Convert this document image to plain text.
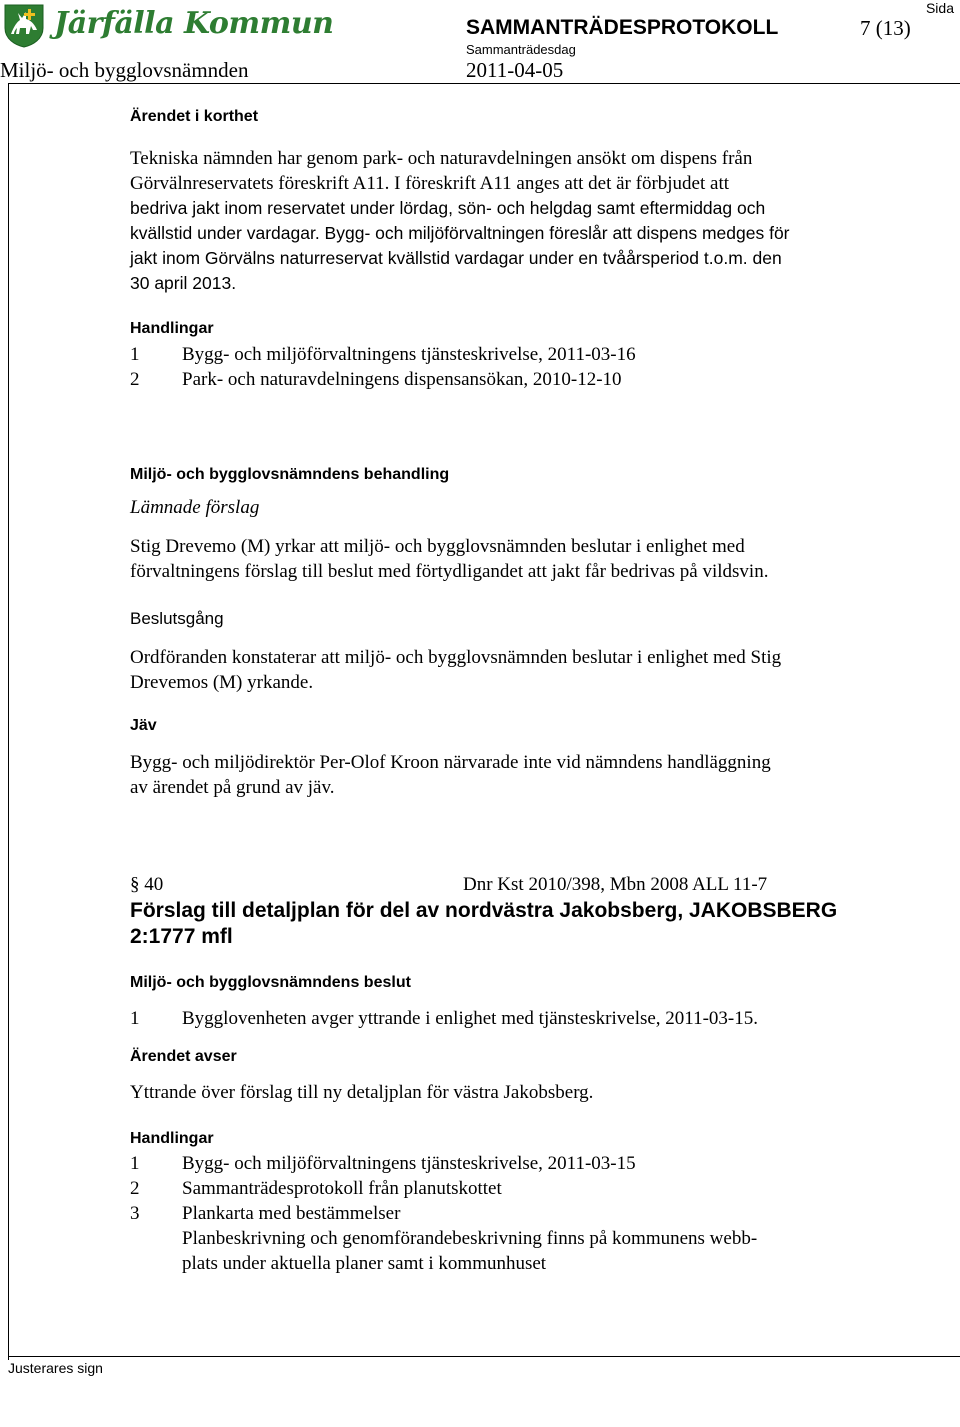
Järfälla Kommun	Sida
SAMMANTRÄDESPROTOKOLL	7 (13)
Sammanträdesdag
Miljö- och bygglovsnämnden	2011-04-05
Ärendet i korthet
Tekniska nämnden har genom park- och naturavdelningen ansökt om dispens från
Görvälnreservatets föreskrift A11. I föreskrift A11 anges att det är förbjudet att
bedriva jakt inom reservatet under lördag, sön- och helgdag samt eftermiddag och
kvällstid under vardagar. Bygg- och miljöförvaltningen föreslår att dispens medges för
jakt inom Görvälns naturreservat kvällstid vardagar under en tvåårsperiod t.o.m. den
30 april 2013.
Handlingar
1 Bygg- och miljöförvaltningens tjänsteskrivelse, 2011-03-16
2 Park- och naturavdelningens dispensansökan, 2010-12-10
Miljö- och bygglovsnämndens behandling
Lämnade förslag
Stig Drevemo (M) yrkar att miljö- och bygglovsnämnden beslutar i enlighet med
förvaltningens förslag till beslut med förtydligandet att jakt får bedrivas på vildsvin.
Beslutsgång
Ordföranden konstaterar att miljö- och bygglovsnämnden beslutar i enlighet med Stig
Drevemos (M) yrkande.
Jäv
Bygg- och miljödirektör Per-Olof Kroon närvarade inte vid nämndens handläggning
av ärendet på grund av jäv.
§ 40	Dnr Kst 2010/398, Mbn 2008 ALL 11-7
Förslag till detaljplan för del av nordvästra Jakobsberg, JAKOBSBERG
2:1777 mfl
Miljö- och bygglovsnämndens beslut
1 Bygglovenheten avger yttrande i enlighet med tjänsteskrivelse, 2011-03-15.
Ärendet avser
Yttrande över förslag till ny detaljplan för västra Jakobsberg.
Handlingar
1 Bygg- och miljöförvaltningens tjänsteskrivelse, 2011-03-15
2 Sammanträdesprotokoll från planutskottet
3 Plankarta med bestämmelser
Planbeskrivning och genomförandebeskrivning finns på kommunens webb-
plats under aktuella planer samt i kommunhuset
Justerares sign
